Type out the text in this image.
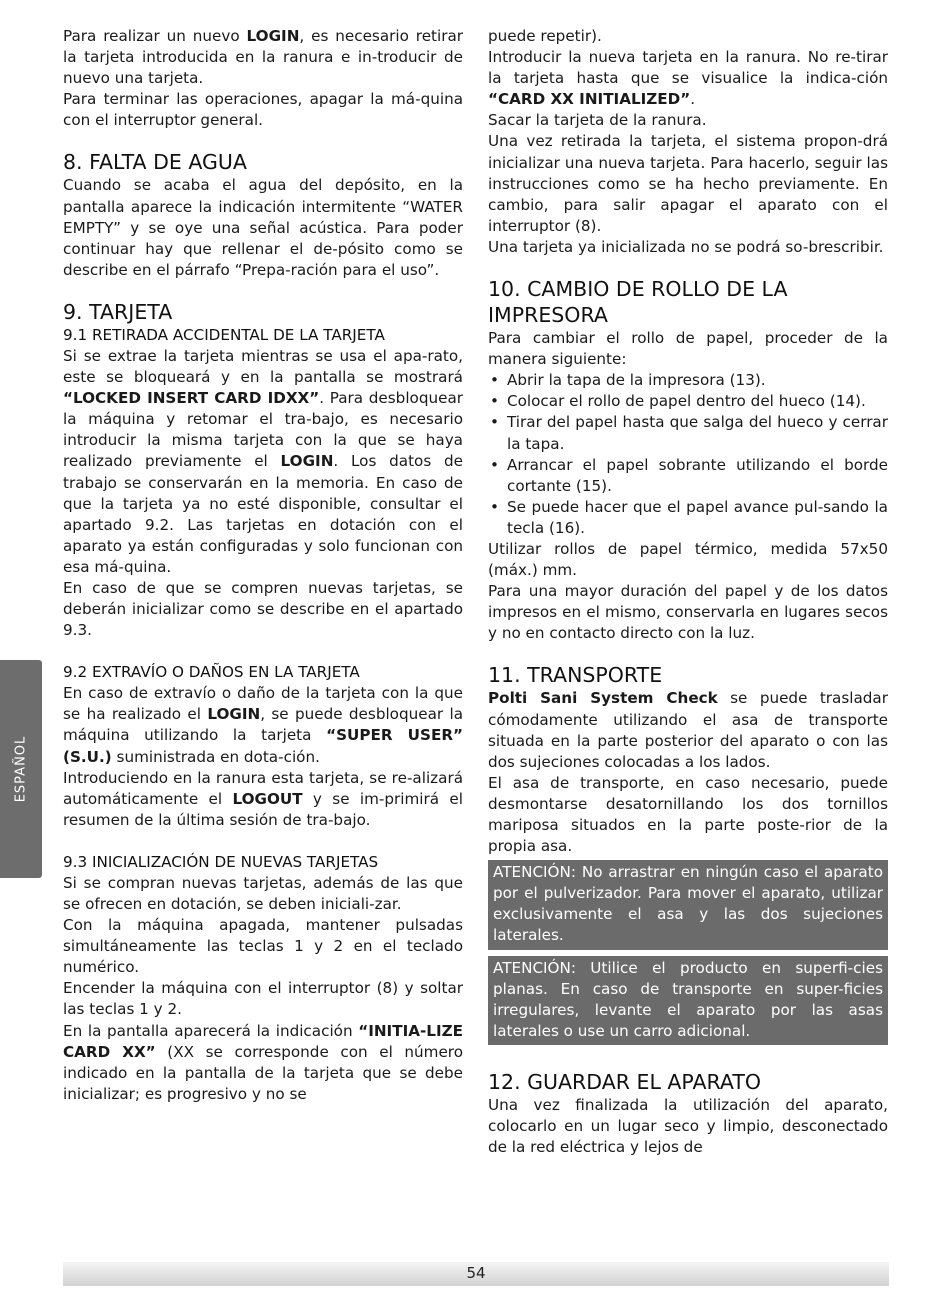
Para realizar un nuevo LOGIN, es necesario retirar la tarjeta introducida en la ranura e in-troducir de nuevo una tarjeta.

Para terminar las operaciones, apagar la má-quina con el interruptor general.

8. FALTA DE AGUA

Cuando se acaba el agua del depósito, en la pantalla aparece la indicación intermitente “WATER EMPTY” y se oye una señal acústica. Para poder continuar hay que rellenar el de-pósito como se describe en el párrafo “Prepa-ración para el uso”.

9. TARJETA
9.1 RETIRADA ACCIDENTAL DE LA TARJETA

Si se extrae la tarjeta mientras se usa el apa-rato, este se bloqueará y en la pantalla se mostrará “LOCKED INSERT CARD IDXX”. Para desbloquear la máquina y retomar el tra-bajo, es necesario introducir la misma tarjeta con la que se haya realizado previamente el LOGIN. Los datos de trabajo se conservarán en la memoria. En caso de que la tarjeta ya no esté disponible, consultar el apartado 9.2. Las tarjetas en dotación con el aparato ya están configuradas y solo funcionan con esa má-quina.

En caso de que se compren nuevas tarjetas, se deberán inicializar como se describe en el apartado 9.3.

9.2 EXTRAVÍO O DAÑOS EN LA TARJETA

En caso de extravío o daño de la tarjeta con la que se ha realizado el LOGIN, se puede desbloquear la máquina utilizando la tarjeta “SUPER USER” (S.U.) suministrada en dota-ción.

Introduciendo en la ranura esta tarjeta, se re-alizará automáticamente el LOGOUT y se im-primirá el resumen de la última sesión de tra-bajo.

9.3 INICIALIZACIÓN DE NUEVAS TARJETAS

Si se compran nuevas tarjetas, además de las que se ofrecen en dotación, se deben iniciali-zar.

Con la máquina apagada, mantener pulsadas simultáneamente las teclas 1 y 2 en el teclado numérico.

Encender la máquina con el interruptor (8) y soltar las teclas 1 y 2.

En la pantalla aparecerá la indicación “INITIA-LIZE CARD XX” (XX se corresponde con el número indicado en la pantalla de la tarjeta que se debe inicializar; es progresivo y no se

puede repetir).

Introducir la nueva tarjeta en la ranura. No re-tirar la tarjeta hasta que se visualice la indica-ción “CARD XX INITIALIZED”.

Sacar la tarjeta de la ranura.

Una vez retirada la tarjeta, el sistema propon-drá inicializar una nueva tarjeta. Para hacerlo, seguir las instrucciones como se ha hecho previamente. En cambio, para salir apagar el aparato con el interruptor (8).

Una tarjeta ya inicializada no se podrá so-brescribir.

10. CAMBIO DE ROLLO DE LA IMPRESORA

Para cambiar el rollo de papel, proceder de la manera siguiente:

• Abrir la tapa de la impresora (13).
• Colocar el rollo de papel dentro del hueco (14).
• Tirar del papel hasta que salga del hueco y cerrar la tapa.
• Arrancar el papel sobrante utilizando el borde cortante (15).
• Se puede hacer que el papel avance pul-sando la tecla (16).

Utilizar rollos de papel térmico, medida 57x50 (máx.) mm.

Para una mayor duración del papel y de los datos impresos en el mismo, conservarla en lugares secos y no en contacto directo con la luz.

11. TRANSPORTE

Polti Sani System Check se puede trasladar cómodamente utilizando el asa de transporte situada en la parte posterior del aparato o con las dos sujeciones colocadas a los lados.

El asa de transporte, en caso necesario, puede desmontarse desatornillando los dos tornillos mariposa situados en la parte poste-rior de la propia asa.

ATENCIÓN: No arrastrar en ningún caso el aparato por el pulverizador. Para mover el aparato, utilizar exclusivamente el asa y las dos sujeciones laterales.
ATENCIÓN: Utilice el producto en superfi-cies planas. En caso de transporte en super-ficies irregulares, levante el aparato por las asas laterales o use un carro adicional.
12. GUARDAR EL APARATO

Una vez finalizada la utilización del aparato, colocarlo en un lugar seco y limpio, desconectado de la red eléctrica y lejos de

ESPAÑOL
54
